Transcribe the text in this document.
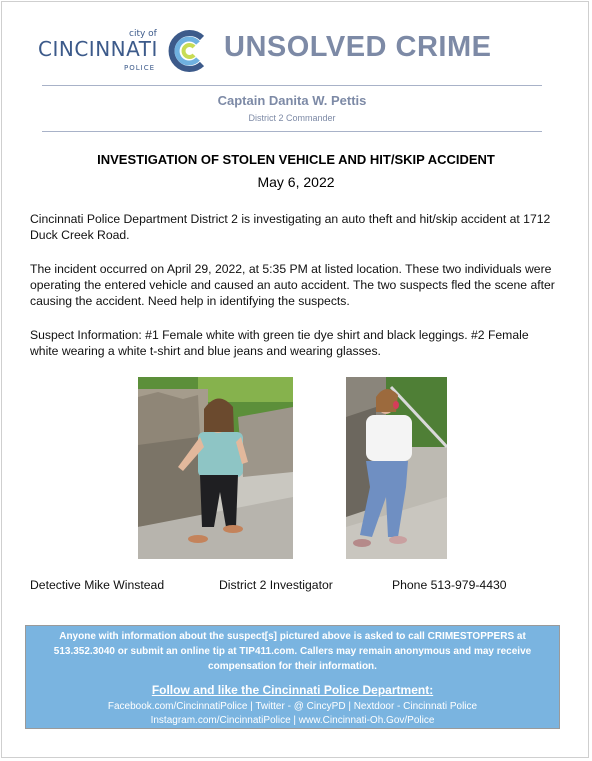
city of
CINCINNATI
POLICE
UNSOLVED CRIME
Captain Danita W. Pettis
District 2 Commander
INVESTIGATION OF STOLEN VEHICLE AND HIT/SKIP ACCIDENT
May 6, 2022
Cincinnati Police Department District 2 is investigating an auto theft and hit/skip accident at 1712 Duck Creek Road.
The incident occurred on April 29, 2022, at 5:35 PM at listed location. These two individuals were operating the entered vehicle and caused an auto accident. The two suspects fled the scene after causing the accident. Need help in identifying the suspects.
Suspect Information: #1 Female white with green tie dye shirt and black leggings. #2 Female white wearing a white t-shirt and blue jeans and wearing glasses.
Detective Mike Winstead	District 2 Investigator	Phone 513-979-4430
Anyone with information about the suspect[s] pictured above is asked to call CRIMESTOPPERS at 513.352.3040 or submit an online tip at TIP411.com. Callers may remain anonymous and may receive compensation for their information.
Follow and like the Cincinnati Police Department:
Facebook.com/CincinnatiPolice | Twitter - @ CincyPD | Nextdoor - Cincinnati Police
Instagram.com/CincinnatiPolice | www.Cincinnati-Oh.Gov/Police
